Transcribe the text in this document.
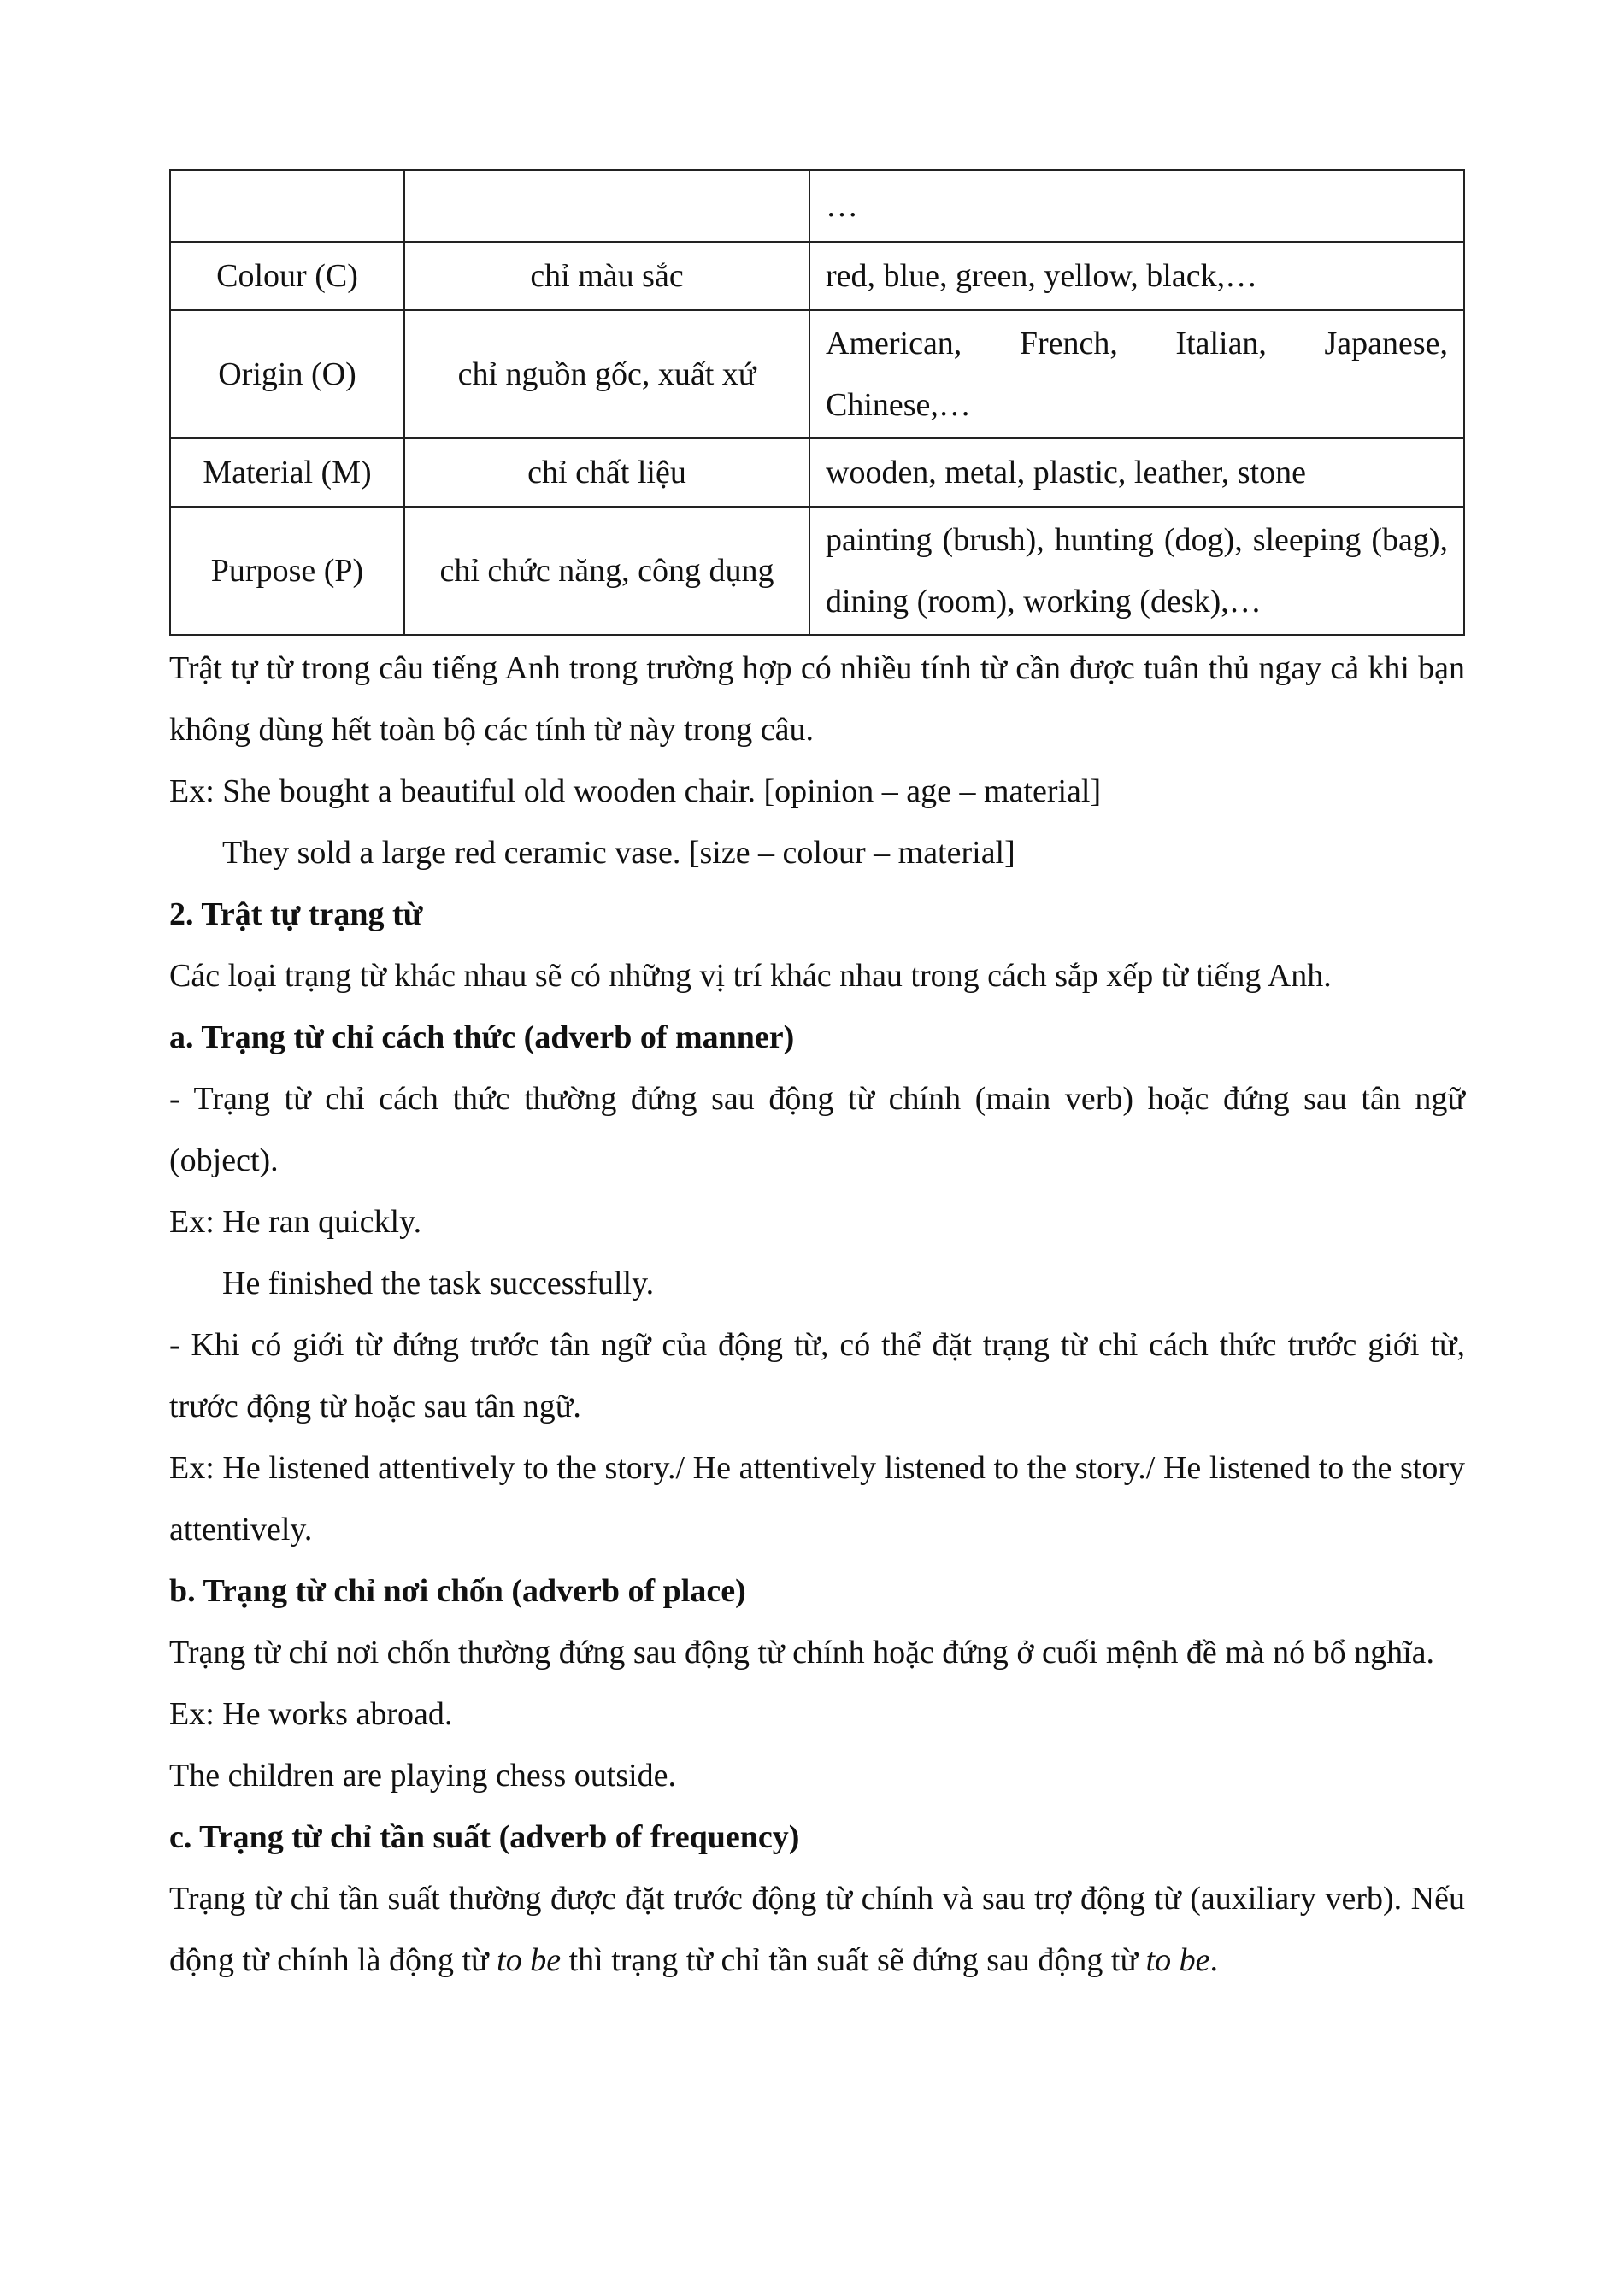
		…
Colour (C)	chỉ màu sắc	red, blue, green, yellow, black,…
Origin (O)	chỉ nguồn gốc, xuất xứ	American, French, Italian, Japanese, Chinese,…
Material (M)	chỉ chất liệu	wooden, metal, plastic, leather, stone
Purpose (P)	chỉ chức năng, công dụng	painting (brush), hunting (dog), sleeping (bag), dining (room), working (desk),…

Trật tự từ trong câu tiếng Anh trong trường hợp có nhiều tính từ cần được tuân thủ ngay cả khi bạn không dùng hết toàn bộ các tính từ này trong câu.

Ex: She bought a beautiful old wooden chair. [opinion – age – material]

They sold a large red ceramic vase. [size – colour – material]

2. Trật tự trạng từ

Các loại trạng từ khác nhau sẽ có những vị trí khác nhau trong cách sắp xếp từ tiếng Anh.

a. Trạng từ chỉ cách thức (adverb of manner)

- Trạng từ chỉ cách thức thường đứng sau động từ chính (main verb) hoặc đứng sau tân ngữ (object).

Ex: He ran quickly.

He finished the task successfully.

- Khi có giới từ đứng trước tân ngữ của động từ, có thể đặt trạng từ chỉ cách thức trước giới từ, trước động từ hoặc sau tân ngữ.

Ex: He listened attentively to the story./ He attentively listened to the story./ He listened to the story attentively.

b. Trạng từ chỉ nơi chốn (adverb of place)

Trạng từ chỉ nơi chốn thường đứng sau động từ chính hoặc đứng ở cuối mệnh đề mà nó bổ nghĩa.

Ex: He works abroad.

The children are playing chess outside.

c. Trạng từ chỉ tần suất (adverb of frequency)

Trạng từ chỉ tần suất thường được đặt trước động từ chính và sau trợ động từ (auxiliary verb). Nếu động từ chính là động từ to be thì trạng từ chỉ tần suất sẽ đứng sau động từ to be.
